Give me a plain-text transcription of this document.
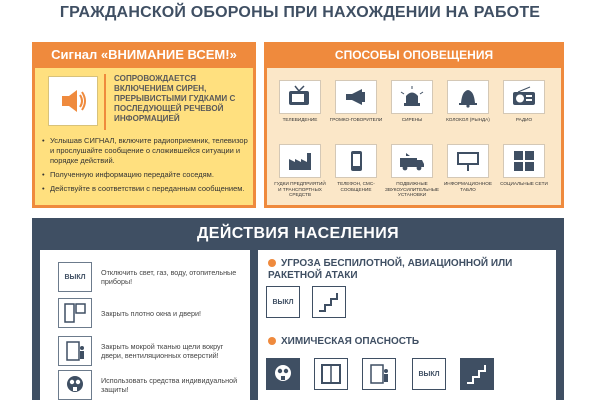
ГРАЖДАНСКОЙ ОБОРОНЫ ПРИ НАХОЖДЕНИИ НА РАБОТЕ
Сигнал «ВНИМАНИЕ ВСЕМ!»
СОПРОВОЖДАЕТСЯ ВКЛЮЧЕНИЕМ СИРЕН, ПРЕРЫВИСТЫМИ ГУДКАМИ С ПОСЛЕДУЮЩЕЙ РЕЧЕВОЙ ИНФОРМАЦИЕЙ
• Услышав СИГНАЛ, включите радиоприемник, телевизор и прослушайте сообщение о сложившейся ситуации и порядке действий.
• Полученную информацию передайте соседям.
• Действуйте в соответствии с переданным сообщением.
СПОСОБЫ ОПОВЕЩЕНИЯ
ТЕЛЕВИДЕНИЕ	ГРОМКО-ГОВОРИТЕЛИ	СИРЕНЫ	КОЛОКОЛ (РЫНДА)	РАДИО
ГУДКИ ПРЕДПРИЯТИЙ И ТРАНСПОРТНЫХ СРЕДСТВ
ТЕЛЕФОН, СМС-СООБЩЕНИЕ
ПОДВИЖНЫЕ ЗВУКОУСИЛИТЕЛЬНЫЕ УСТАНОВКИ
ИНФОРМАЦИОННОЕ ТАБЛО
СОЦИАЛЬНЫЕ СЕТИ
ДЕЙСТВИЯ НАСЕЛЕНИЯ
ВЫКЛ Отключить свет, газ, воду, отопительные приборы!
Закрыть плотно окна и двери!
Закрыть мокрой тканью щели вокруг двери, вентиляционных отверстий!
Использовать средства индивидуальной защиты!
УГРОЗА БЕСПИЛОТНОЙ, АВИАЦИОННОЙ ИЛИ РАКЕТНОЙ АТАКИ
ВЫКЛ
ХИМИЧЕСКАЯ ОПАСНОСТЬ
ВЫКЛ
